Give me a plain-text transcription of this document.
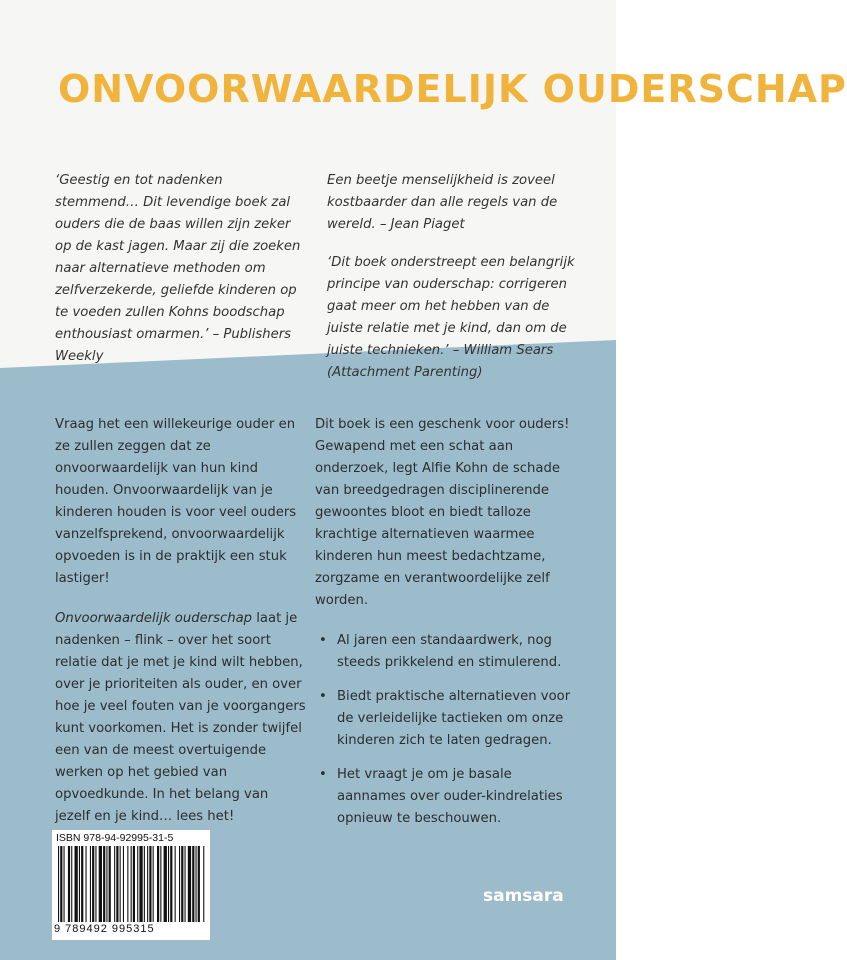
ONVOORWAARDELIJK OUDERSCHAP

‘Geestig en tot nadenken stemmend… Dit levendige boek zal ouders die de baas willen zijn zeker op de kast jagen. Maar zij die zoeken naar alternatieve methoden om zelfverzekerde, geliefde kinderen op te voeden zullen Kohns boodschap enthousiast omarmen.’ – Publishers Weekly

Een beetje menselijkheid is zoveel kostbaarder dan alle regels van de wereld. – Jean Piaget

‘Dit boek onderstreept een belangrijk principe van ouderschap: corrigeren gaat meer om het hebben van de juiste relatie met je kind, dan om de juiste technieken.’ – William Sears (Attachment Parenting)

Vraag het een willekeurige ouder en ze zullen zeggen dat ze onvoorwaardelijk van hun kind houden. Onvoorwaardelijk van je kinderen houden is voor veel ouders vanzelfsprekend, onvoorwaardelijk opvoeden is in de praktijk een stuk lastiger!

Onvoorwaardelijk ouderschap laat je nadenken – flink – over het soort relatie dat je met je kind wilt hebben, over je prioriteiten als ouder, en over hoe je veel fouten van je voorgangers kunt voorkomen. Het is zonder twijfel een van de meest overtuigende werken op het gebied van opvoedkunde. In het belang van jezelf en je kind… lees het!

Dit boek is een geschenk voor ouders! Gewapend met een schat aan onderzoek, legt Alfie Kohn de schade van breedgedragen disciplinerende gewoontes bloot en biedt talloze krachtige alternatieven waarmee kinderen hun meest bedachtzame, zorgzame en verantwoordelijke zelf worden.

• Al jaren een standaardwerk, nog steeds prikkelend en stimulerend.
• Biedt praktische alternatieven voor de verleidelijke tactieken om onze kinderen zich te laten gedragen.
• Het vraagt je om je basale aannames over ouder-kindrelaties opnieuw te beschouwen.
ISBN 978-94-92995-31-5
9 789492 995315
samsara
